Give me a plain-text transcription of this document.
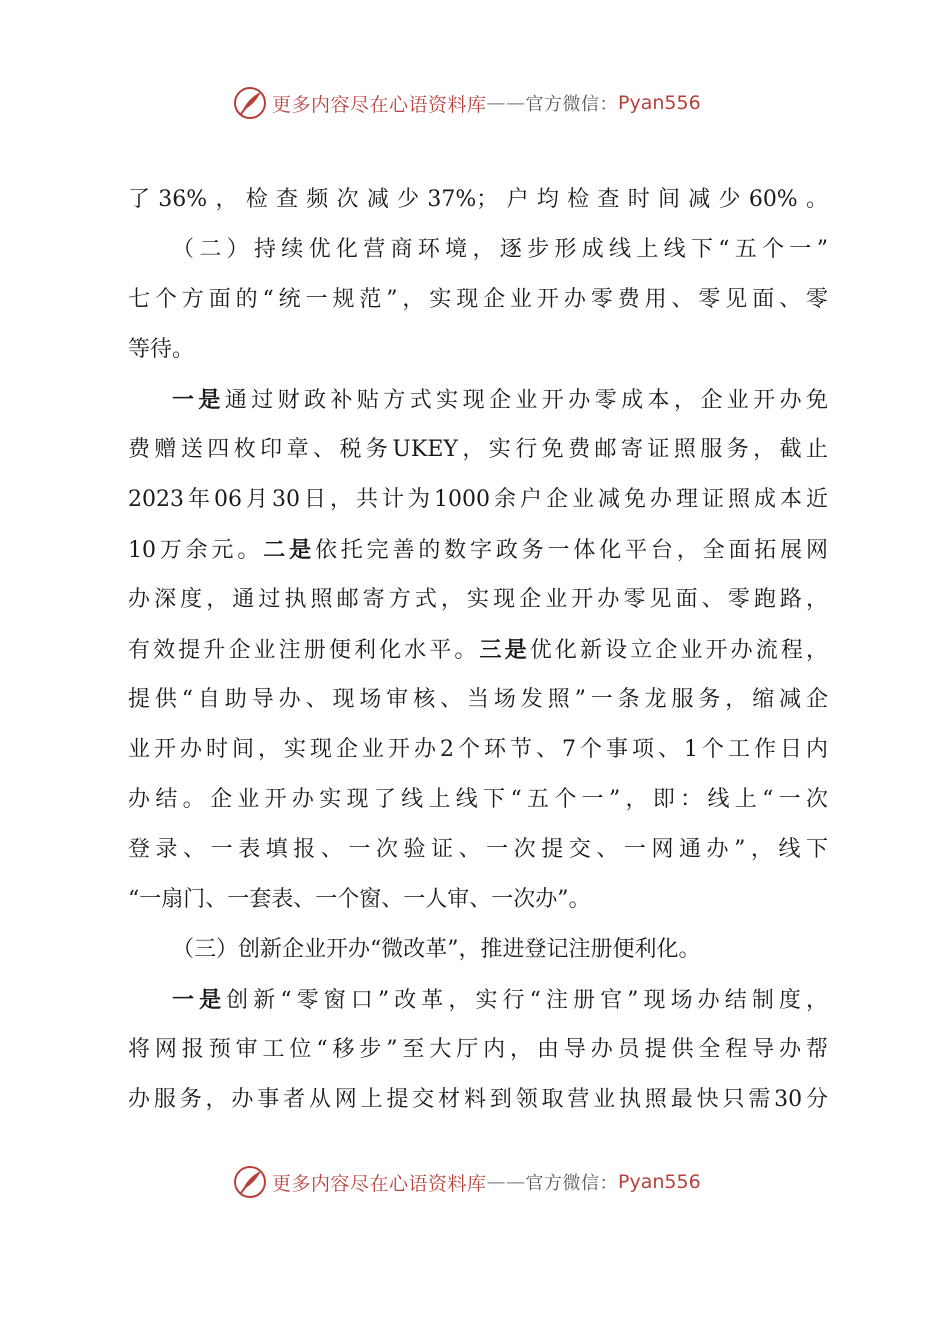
更多内容尽在心语资料库 —— 官方微信： Pyan556
了36%，检查频次减少37%；户均检查时间减少60%。
（二）持续优化营商环境，逐步形成线上线下“五个一”
七个方面的“统一规范”，实现企业开办零费用、零见面、零
等待。
一是通过财政补贴方式实现企业开办零成本，企业开办免
费赠送四枚印章、税务UKEY，实行免费邮寄证照服务，截止
2023年06月30日，共计为1000余户企业减免办理证照成本近
10万余元。二是依托完善的数字政务一体化平台，全面拓展网
办深度，通过执照邮寄方式，实现企业开办零见面、零跑路，
有效提升企业注册便利化水平。三是优化新设立企业开办流程，
提供“自助导办、现场审核、当场发照”一条龙服务，缩减企
业开办时间，实现企业开办2个环节、7个事项、1个工作日内
办结。企业开办实现了线上线下“五个一”，即：线上“一次
登录、一表填报、一次验证、一次提交、一网通办”，线下
“一扇门、一套表、一个窗、一人审、一次办”。
（三）创新企业开办“微改革”，推进登记注册便利化。
一是创新“零窗口”改革，实行“注册官”现场办结制度，
将网报预审工位“移步”至大厅内，由导办员提供全程导办帮
办服务，办事者从网上提交材料到领取营业执照最快只需30分
更多内容尽在心语资料库 —— 官方微信： Pyan556
